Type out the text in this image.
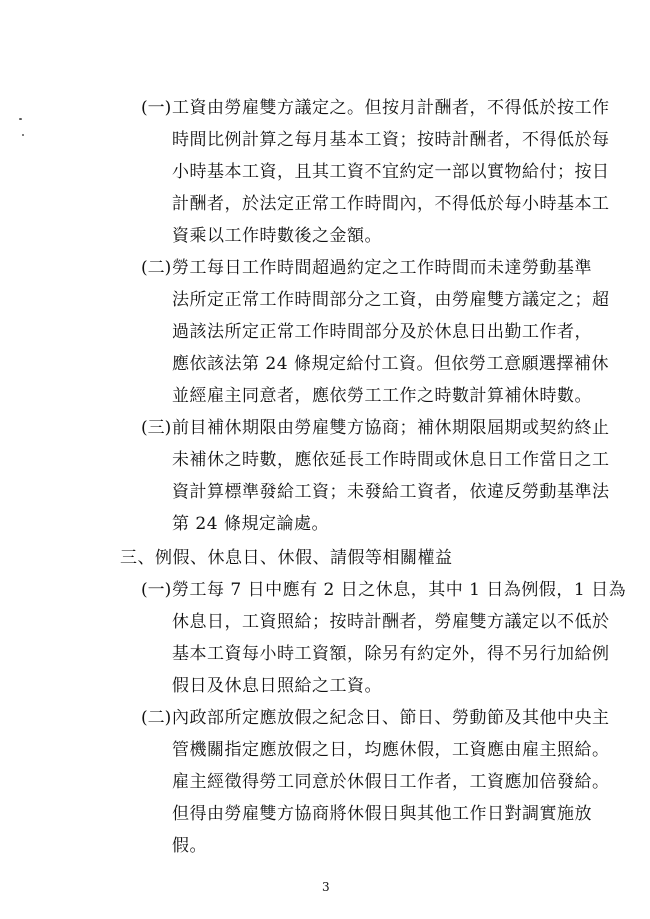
(一) 工資由勞雇雙方議定之。但按月計酬者，不得低於按工作
時間比例計算之每月基本工資；按時計酬者，不得低於每
小時基本工資，且其工資不宜約定一部以實物給付；按日
計酬者，於法定正常工作時間內，不得低於每小時基本工
資乘以工作時數後之金額。
(二) 勞工每日工作時間超過約定之工作時間而未達勞動基準
法所定正常工作時間部分之工資，由勞雇雙方議定之；超
過該法所定正常工作時間部分及於休息日出勤工作者，
應依該法第 24 條規定給付工資。但依勞工意願選擇補休
並經雇主同意者，應依勞工工作之時數計算補休時數。
(三) 前目補休期限由勞雇雙方協商；補休期限屆期或契約終止
未補休之時數，應依延長工作時間或休息日工作當日之工
資計算標準發給工資；未發給工資者，依違反勞動基準法
第 24 條規定論處。
三、例假、休息日、休假、請假等相關權益
(一) 勞工每 7 日中應有 2 日之休息，其中 1 日為例假，1 日為
休息日，工資照給；按時計酬者，勞雇雙方議定以不低於
基本工資每小時工資額，除另有約定外，得不另行加給例
假日及休息日照給之工資。
(二) 內政部所定應放假之紀念日、節日、勞動節及其他中央主
管機關指定應放假之日，均應休假，工資應由雇主照給。
雇主經徵得勞工同意於休假日工作者，工資應加倍發給。
但得由勞雇雙方協商將休假日與其他工作日對調實施放
假。
3
